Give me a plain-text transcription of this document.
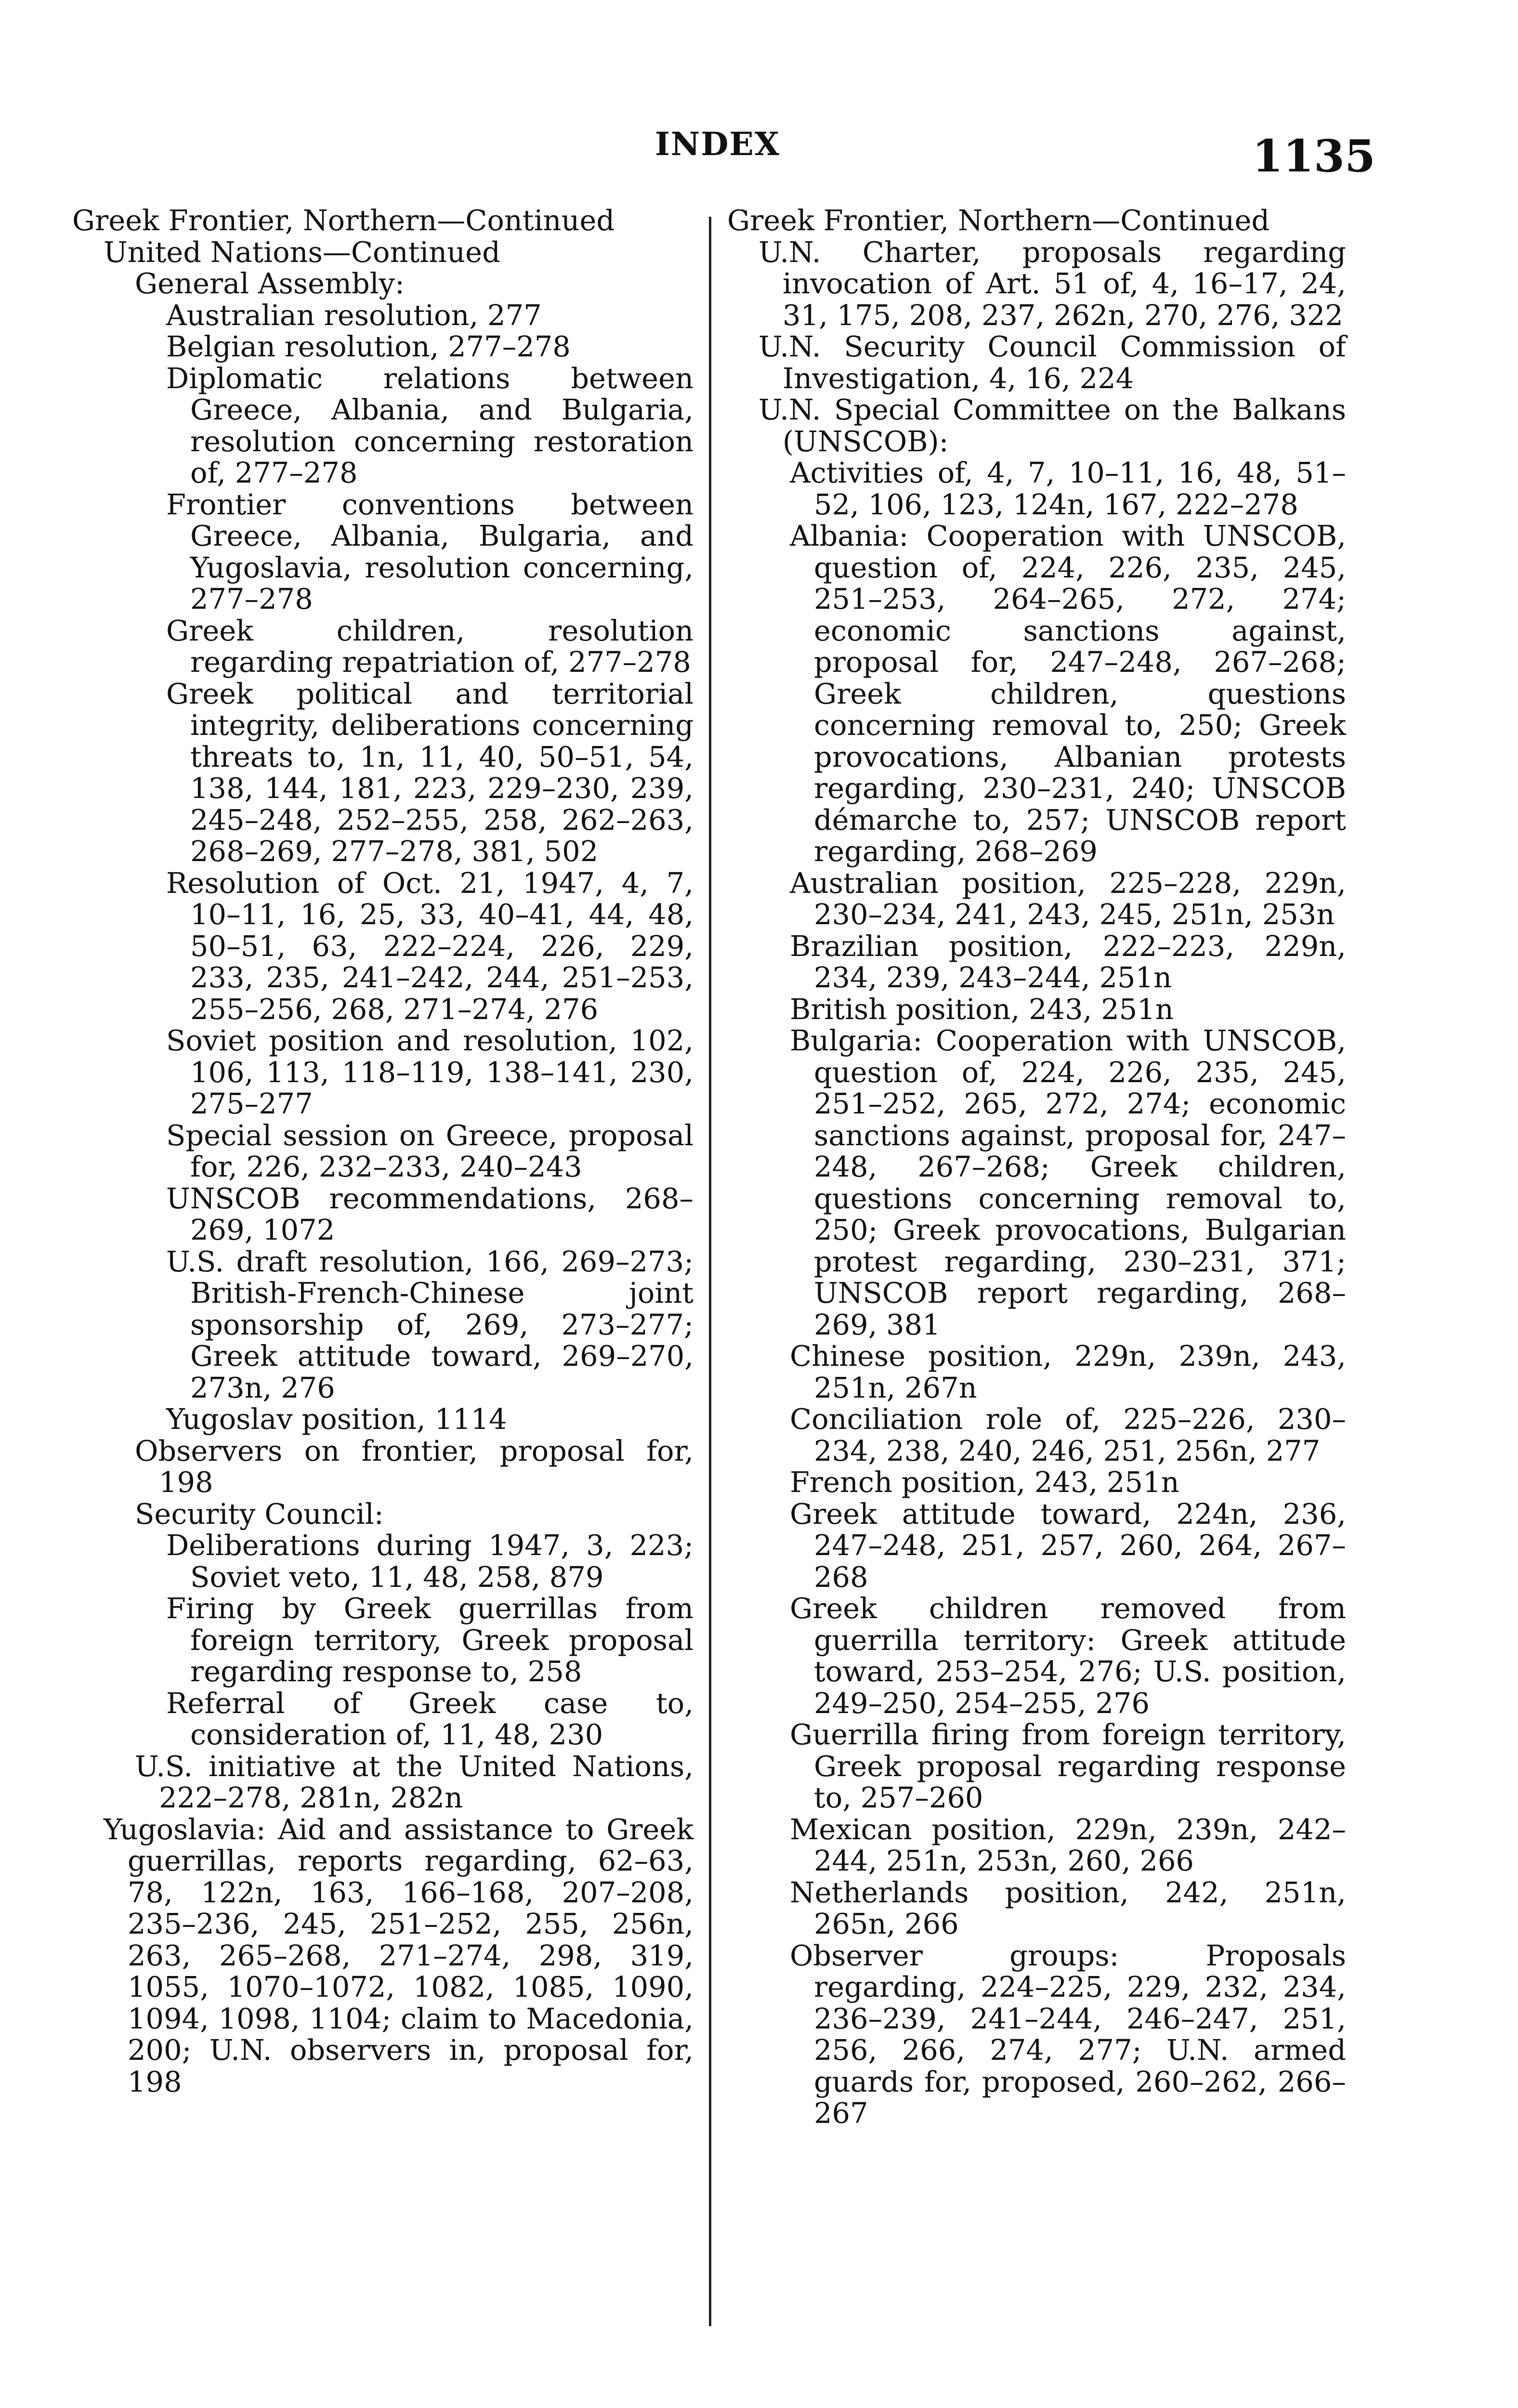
INDEX	1135

Greek Frontier, Northern—Continued

United Nations—Continued

General Assembly:

Australian resolution, 277

Belgian resolution, 277–278

Diplomatic relations between Greece, Albania, and Bulgaria, resolution concerning restoration of, 277–278

Frontier conventions between Greece, Albania, Bulgaria, and Yugoslavia, resolution concerning, 277–278

Greek children, resolution regarding repatriation of, 277–278

Greek political and territorial integrity, deliberations concerning threats to, 1n, 11, 40, 50–51, 54, 138, 144, 181, 223, 229–230, 239, 245–248, 252–255, 258, 262–263, 268–269, 277–278, 381, 502

Resolution of Oct. 21, 1947, 4, 7, 10–11, 16, 25, 33, 40–41, 44, 48, 50–51, 63, 222–224, 226, 229, 233, 235, 241–242, 244, 251–253, 255–256, 268, 271–274, 276

Soviet position and resolution, 102, 106, 113, 118–119, 138–141, 230, 275–277

Special session on Greece, proposal for, 226, 232–233, 240–243

UNSCOB recommendations, 268–269, 1072

U.S. draft resolution, 166, 269–273; British-French-Chinese joint sponsorship of, 269, 273–277; Greek attitude toward, 269–270, 273n, 276

Yugoslav position, 1114

Observers on frontier, proposal for, 198

Security Council:

Deliberations during 1947, 3, 223; Soviet veto, 11, 48, 258, 879

Firing by Greek guerrillas from foreign territory, Greek proposal regarding response to, 258

Referral of Greek case to, consideration of, 11, 48, 230

U.S. initiative at the United Nations, 222–278, 281n, 282n

Yugoslavia: Aid and assistance to Greek guerrillas, reports regarding, 62–63, 78, 122n, 163, 166–168, 207–208, 235–236, 245, 251–252, 255, 256n, 263, 265–268, 271–274, 298, 319, 1055, 1070–1072, 1082, 1085, 1090, 1094, 1098, 1104; claim to Macedonia, 200; U.N. observers in, proposal for, 198

Greek Frontier, Northern—Continued

U.N. Charter, proposals regarding invocation of Art. 51 of, 4, 16–17, 24, 31, 175, 208, 237, 262n, 270, 276, 322

U.N. Security Council Commission of Investigation, 4, 16, 224

U.N. Special Committee on the Balkans (UNSCOB):

Activities of, 4, 7, 10–11, 16, 48, 51–52, 106, 123, 124n, 167, 222–278

Albania: Cooperation with UNSCOB, question of, 224, 226, 235, 245, 251–253, 264–265, 272, 274; economic sanctions against, proposal for, 247–248, 267–268; Greek children, questions concerning removal to, 250; Greek provocations, Albanian protests regarding, 230–231, 240; UNSCOB démarche to, 257; UNSCOB report regarding, 268–269

Australian position, 225–228, 229n, 230–234, 241, 243, 245, 251n, 253n

Brazilian position, 222–223, 229n, 234, 239, 243–244, 251n

British position, 243, 251n

Bulgaria: Cooperation with UNSCOB, question of, 224, 226, 235, 245, 251–252, 265, 272, 274; economic sanctions against, proposal for, 247–248, 267–268; Greek children, questions concerning removal to, 250; Greek provocations, Bulgarian protest regarding, 230–231, 371; UNSCOB report regarding, 268–269, 381

Chinese position, 229n, 239n, 243, 251n, 267n

Conciliation role of, 225–226, 230–234, 238, 240, 246, 251, 256n, 277

French position, 243, 251n

Greek attitude toward, 224n, 236, 247–248, 251, 257, 260, 264, 267–268

Greek children removed from guerrilla territory: Greek attitude toward, 253–254, 276; U.S. position, 249–250, 254–255, 276

Guerrilla firing from foreign territory, Greek proposal regarding response to, 257–260

Mexican position, 229n, 239n, 242–244, 251n, 253n, 260, 266

Netherlands position, 242, 251n, 265n, 266

Observer groups: Proposals regarding, 224–225, 229, 232, 234, 236–239, 241–244, 246–247, 251, 256, 266, 274, 277; U.N. armed guards for, proposed, 260–262, 266–267
